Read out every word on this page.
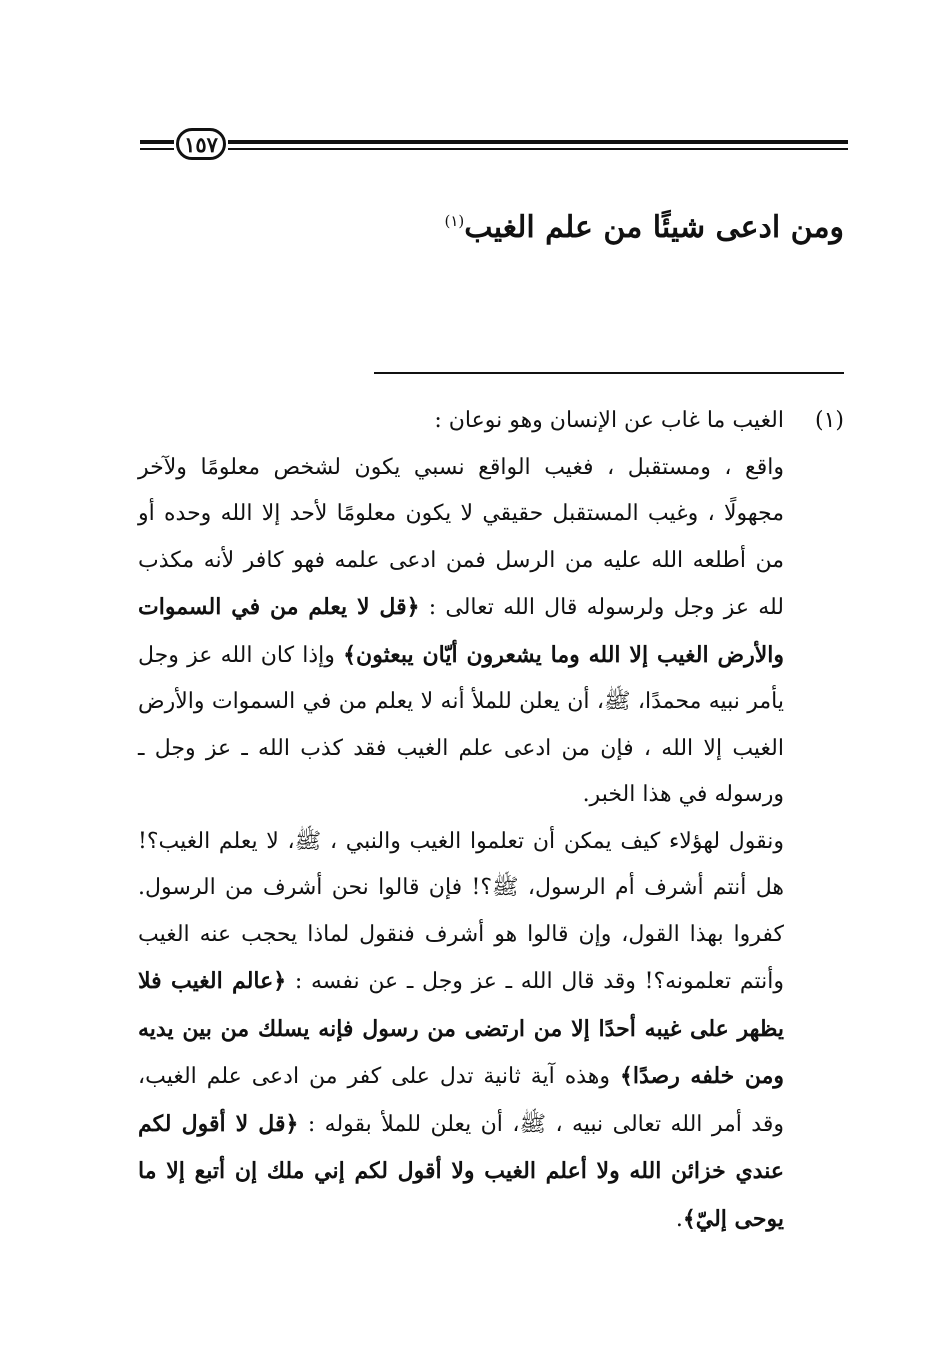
١٥٧
ومن ادعى شيئًا من علم الغيب$^{(١)}$
(١)الغيب ما غاب عن الإنسان وهو نوعان :

واقع ، ومستقبل ، فغيب الواقع نسبي يكون لشخص معلومًا ولآخر مجهولًا ، وغيب المستقبل حقيقي لا يكون معلومًا لأحد إلا الله وحده أو من أطلعه الله عليه من الرسل فمن ادعى علمه فهو كافر لأنه مكذب لله عز وجل ولرسوله قال الله تعالى : ﴿قل لا يعلم من في السموات والأرض الغيب إلا الله وما يشعرون أيّان يبعثون﴾ وإذا كان الله عز وجل يأمر نبيه محمدًا، ﷺ، أن يعلن للملأ أنه لا يعلم من في السموات والأرض الغيب إلا الله ، فإن من ادعى علم الغيب فقد كذب الله ـ عز وجل ـ ورسوله في هذا الخبر.

ونقول لهؤلاء كيف يمكن أن تعلموا الغيب والنبي ، ﷺ، لا يعلم الغيب؟! هل أنتم أشرف أم الرسول، ﷺ؟! فإن قالوا نحن أشرف من الرسول. كفروا بهذا القول، وإن قالوا هو أشرف فنقول لماذا يحجب عنه الغيب وأنتم تعلمونه؟! وقد قال الله ـ عز وجل ـ عن نفسه : ﴿عالم الغيب فلا يظهر على غيبه أحدًا إلا من ارتضى من رسول فإنه يسلك من بين يديه ومن خلفه رصدًا﴾ وهذه آية ثانية تدل على كفر من ادعى علم الغيب، وقد أمر الله تعالى نبيه ، ﷺ، أن يعلن للملأ بقوله : ﴿قل لا أقول لكم عندي خزائن الله ولا أعلم الغيب ولا أقول لكم إني ملك إن أتبع إلا ما يوحى إليّ﴾.
